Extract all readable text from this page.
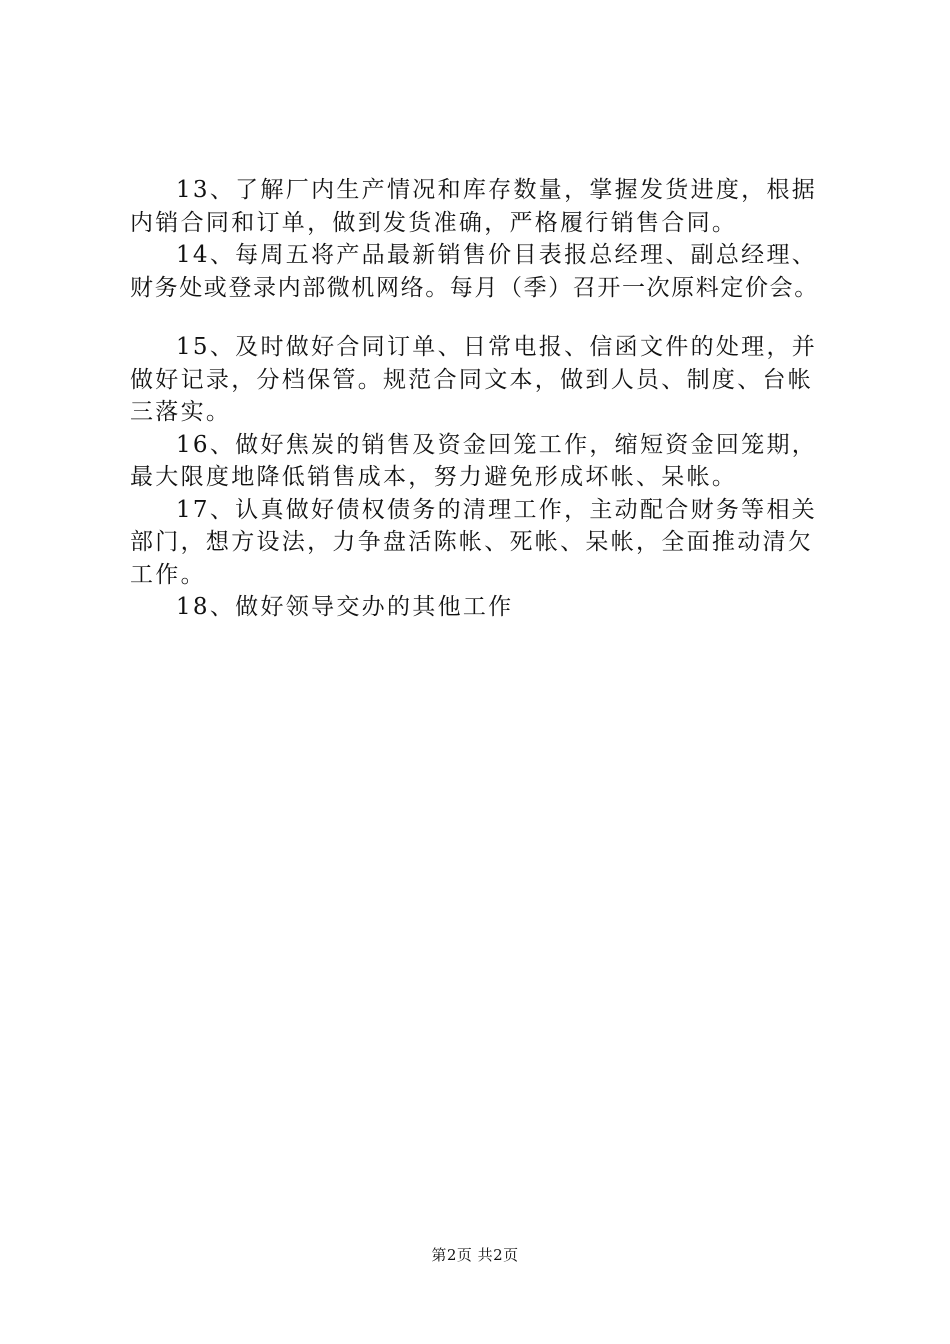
13、了解厂内生产情况和库存数量，掌握发货进度，根据
内销合同和订单，做到发货准确，严格履行销售合同。
14、每周五将产品最新销售价目表报总经理、副总经理、
财务处或登录内部微机网络。每月（季）召开一次原料定价会。
15、及时做好合同订单、日常电报、信函文件的处理，并
做好记录，分档保管。规范合同文本，做到人员、制度、台帐
三落实。
16、做好焦炭的销售及资金回笼工作，缩短资金回笼期，
最大限度地降低销售成本，努力避免形成坏帐、呆帐。
17、认真做好债权债务的清理工作，主动配合财务等相关
部门，想方设法，力争盘活陈帐、死帐、呆帐，全面推动清欠
工作。
18、做好领导交办的其他工作
第2页 共2页
